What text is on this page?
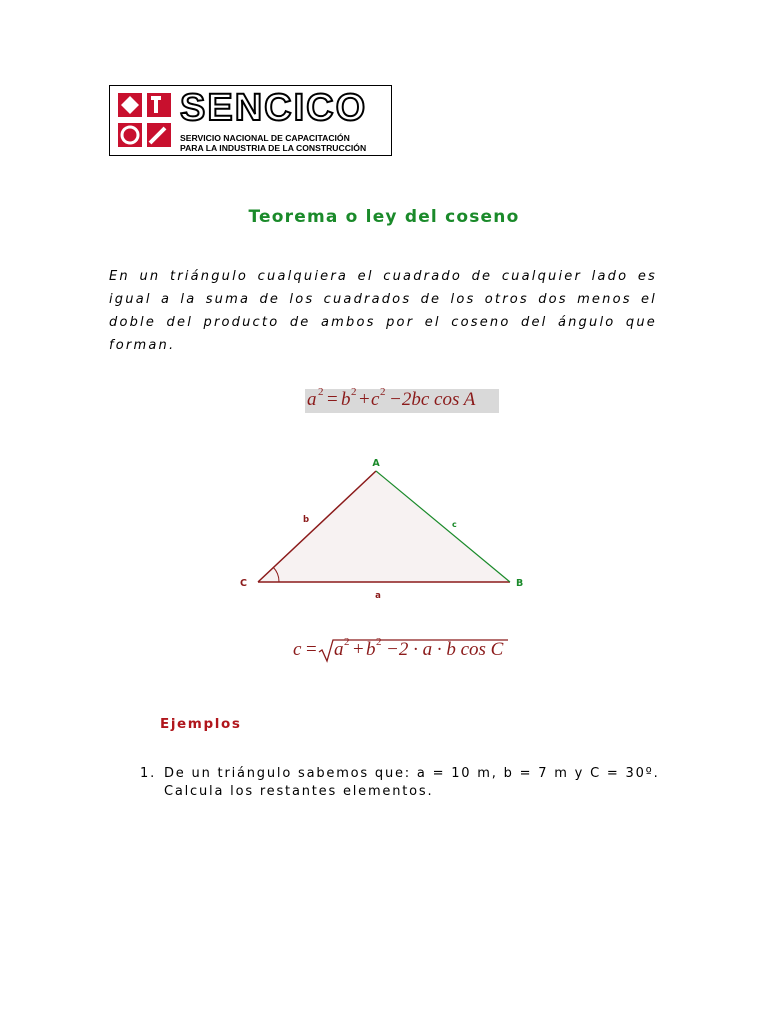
SENCICO
SERVICIO NACIONAL DE CAPACITACIÓN
PARA LA INDUSTRIA DE LA CONSTRUCCIÓN
Teorema o ley del coseno
En un triángulo cualquiera el cuadrado de cualquier lado es igual a la suma de los cuadrados de los otros dos menos el doble del producto de ambos por el coseno del ángulo que forman.
a 2 = b 2 + c 2 −2bc cos A
A
B
C
a
b	c
c = a 2 + b 2 −2 · a · b cos C
Ejemplos
1. De un triángulo sabemos que: a = 10 m, b = 7 m y C = 30º.
Calcula los restantes elementos.
